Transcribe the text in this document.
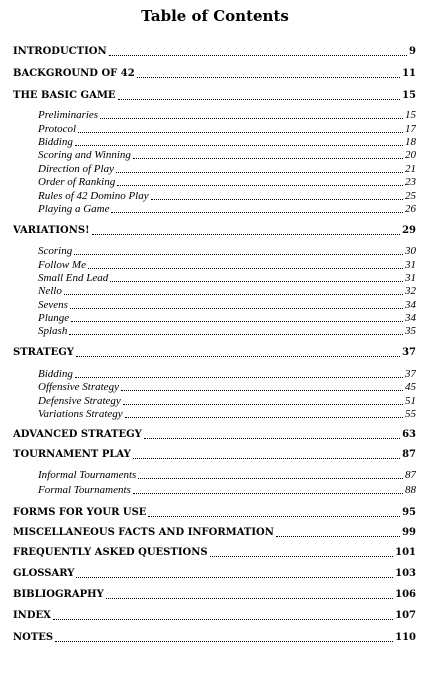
Table of Contents
INTRODUCTION	9
BACKGROUND OF 42	11
THE BASIC GAME	15
Preliminaries	15
Protocol	17
Bidding	18
Scoring and Winning	20
Direction of Play	21
Order of Ranking	23
Rules of 42 Domino Play	25
Playing a Game	26
VARIATIONS!	29
Scoring	30
Follow Me	31
Small End Lead	31
Nello	32
Sevens	34
Plunge	34
Splash	35
STRATEGY	37
Bidding	37
Offensive Strategy	45
Defensive Strategy	51
Variations Strategy	55
ADVANCED STRATEGY	63
TOURNAMENT PLAY	87
Informal Tournaments	87
Formal Tournaments	88
FORMS FOR YOUR USE	95
MISCELLANEOUS FACTS AND INFORMATION	99
FREQUENTLY ASKED QUESTIONS	101
GLOSSARY	103
BIBLIOGRAPHY	106
INDEX	107
NOTES	110
